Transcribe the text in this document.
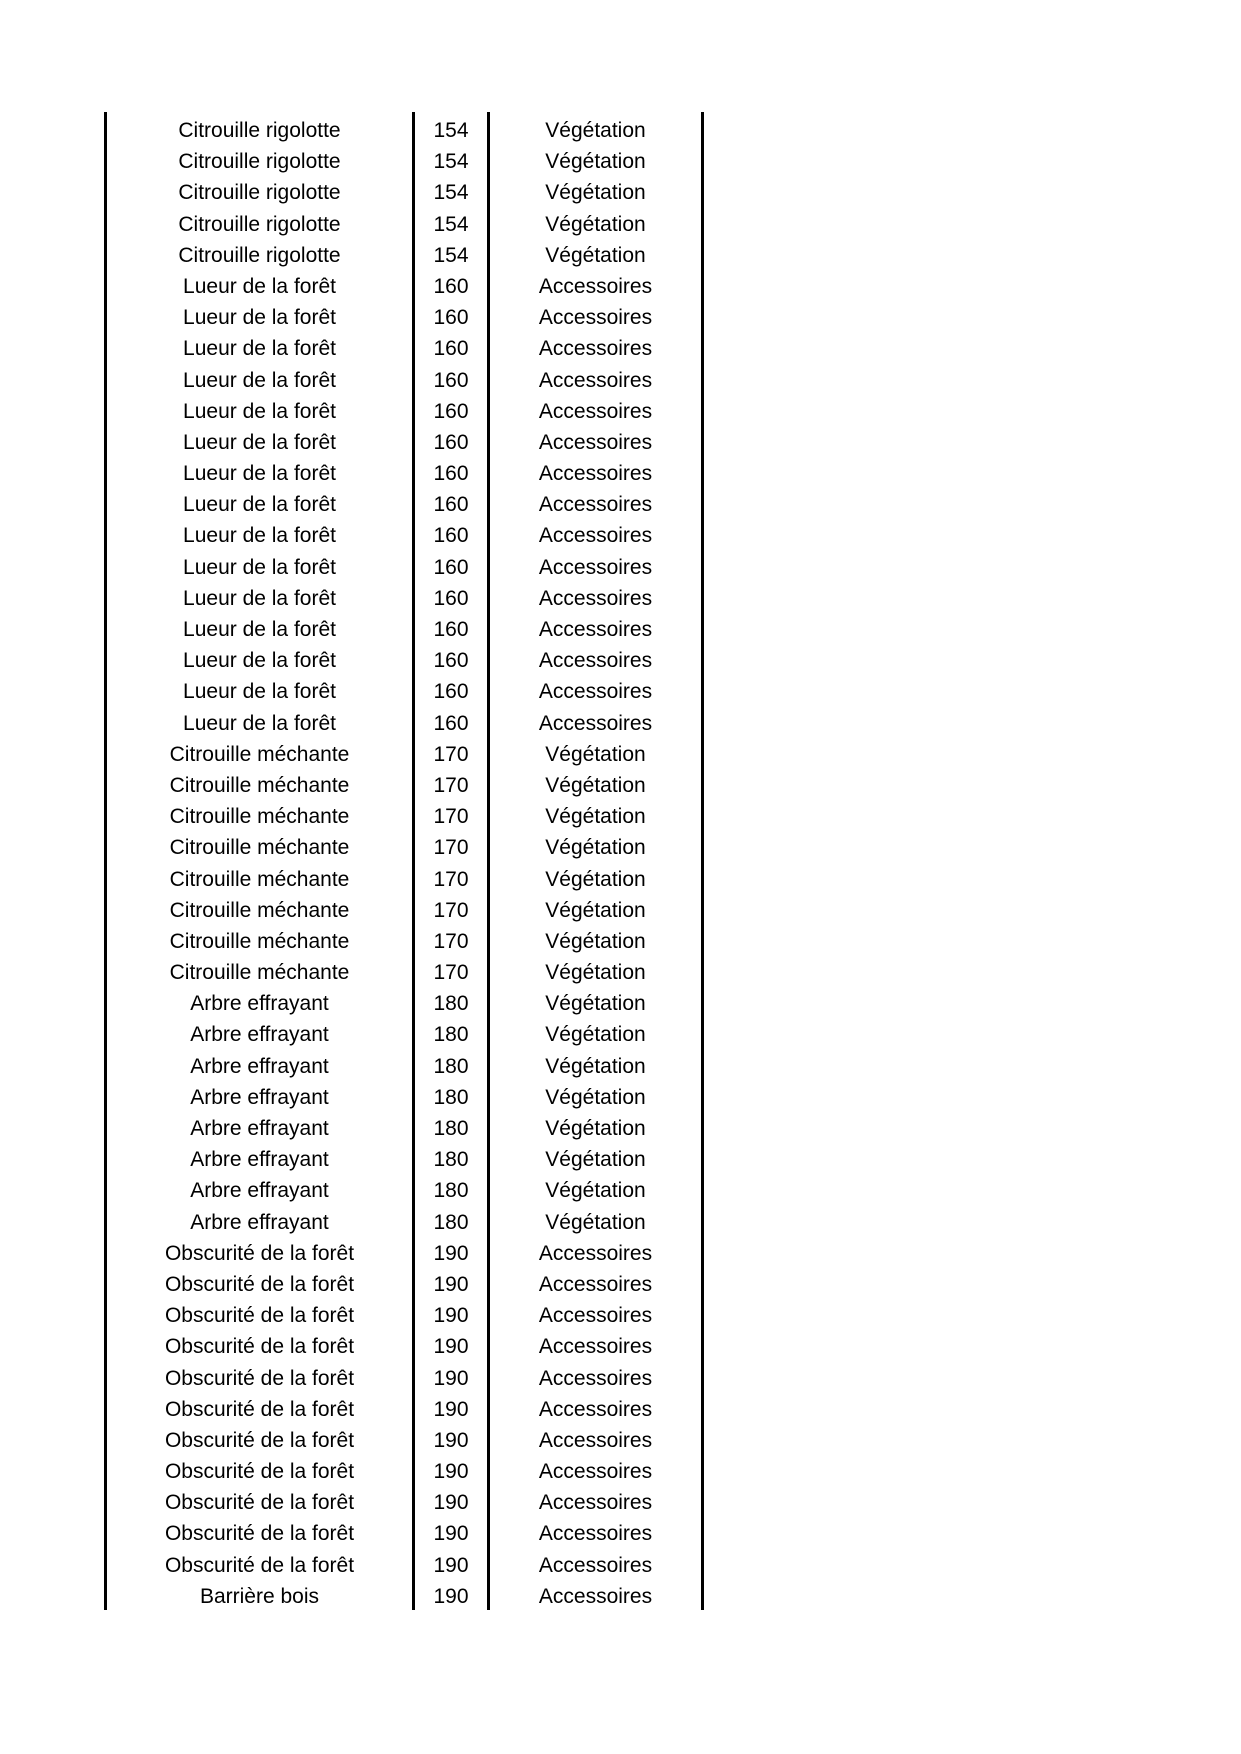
Citrouille rigolotte	154	Végétation
Citrouille rigolotte	154	Végétation
Citrouille rigolotte	154	Végétation
Citrouille rigolotte	154	Végétation
Citrouille rigolotte	154	Végétation
Lueur de la forêt	160	Accessoires
Lueur de la forêt	160	Accessoires
Lueur de la forêt	160	Accessoires
Lueur de la forêt	160	Accessoires
Lueur de la forêt	160	Accessoires
Lueur de la forêt	160	Accessoires
Lueur de la forêt	160	Accessoires
Lueur de la forêt	160	Accessoires
Lueur de la forêt	160	Accessoires
Lueur de la forêt	160	Accessoires
Lueur de la forêt	160	Accessoires
Lueur de la forêt	160	Accessoires
Lueur de la forêt	160	Accessoires
Lueur de la forêt	160	Accessoires
Lueur de la forêt	160	Accessoires
Citrouille méchante	170	Végétation
Citrouille méchante	170	Végétation
Citrouille méchante	170	Végétation
Citrouille méchante	170	Végétation
Citrouille méchante	170	Végétation
Citrouille méchante	170	Végétation
Citrouille méchante	170	Végétation
Citrouille méchante	170	Végétation
Arbre effrayant	180	Végétation
Arbre effrayant	180	Végétation
Arbre effrayant	180	Végétation
Arbre effrayant	180	Végétation
Arbre effrayant	180	Végétation
Arbre effrayant	180	Végétation
Arbre effrayant	180	Végétation
Arbre effrayant	180	Végétation
Obscurité de la forêt	190	Accessoires
Obscurité de la forêt	190	Accessoires
Obscurité de la forêt	190	Accessoires
Obscurité de la forêt	190	Accessoires
Obscurité de la forêt	190	Accessoires
Obscurité de la forêt	190	Accessoires
Obscurité de la forêt	190	Accessoires
Obscurité de la forêt	190	Accessoires
Obscurité de la forêt	190	Accessoires
Obscurité de la forêt	190	Accessoires
Obscurité de la forêt	190	Accessoires
Barrière bois	190	Accessoires
